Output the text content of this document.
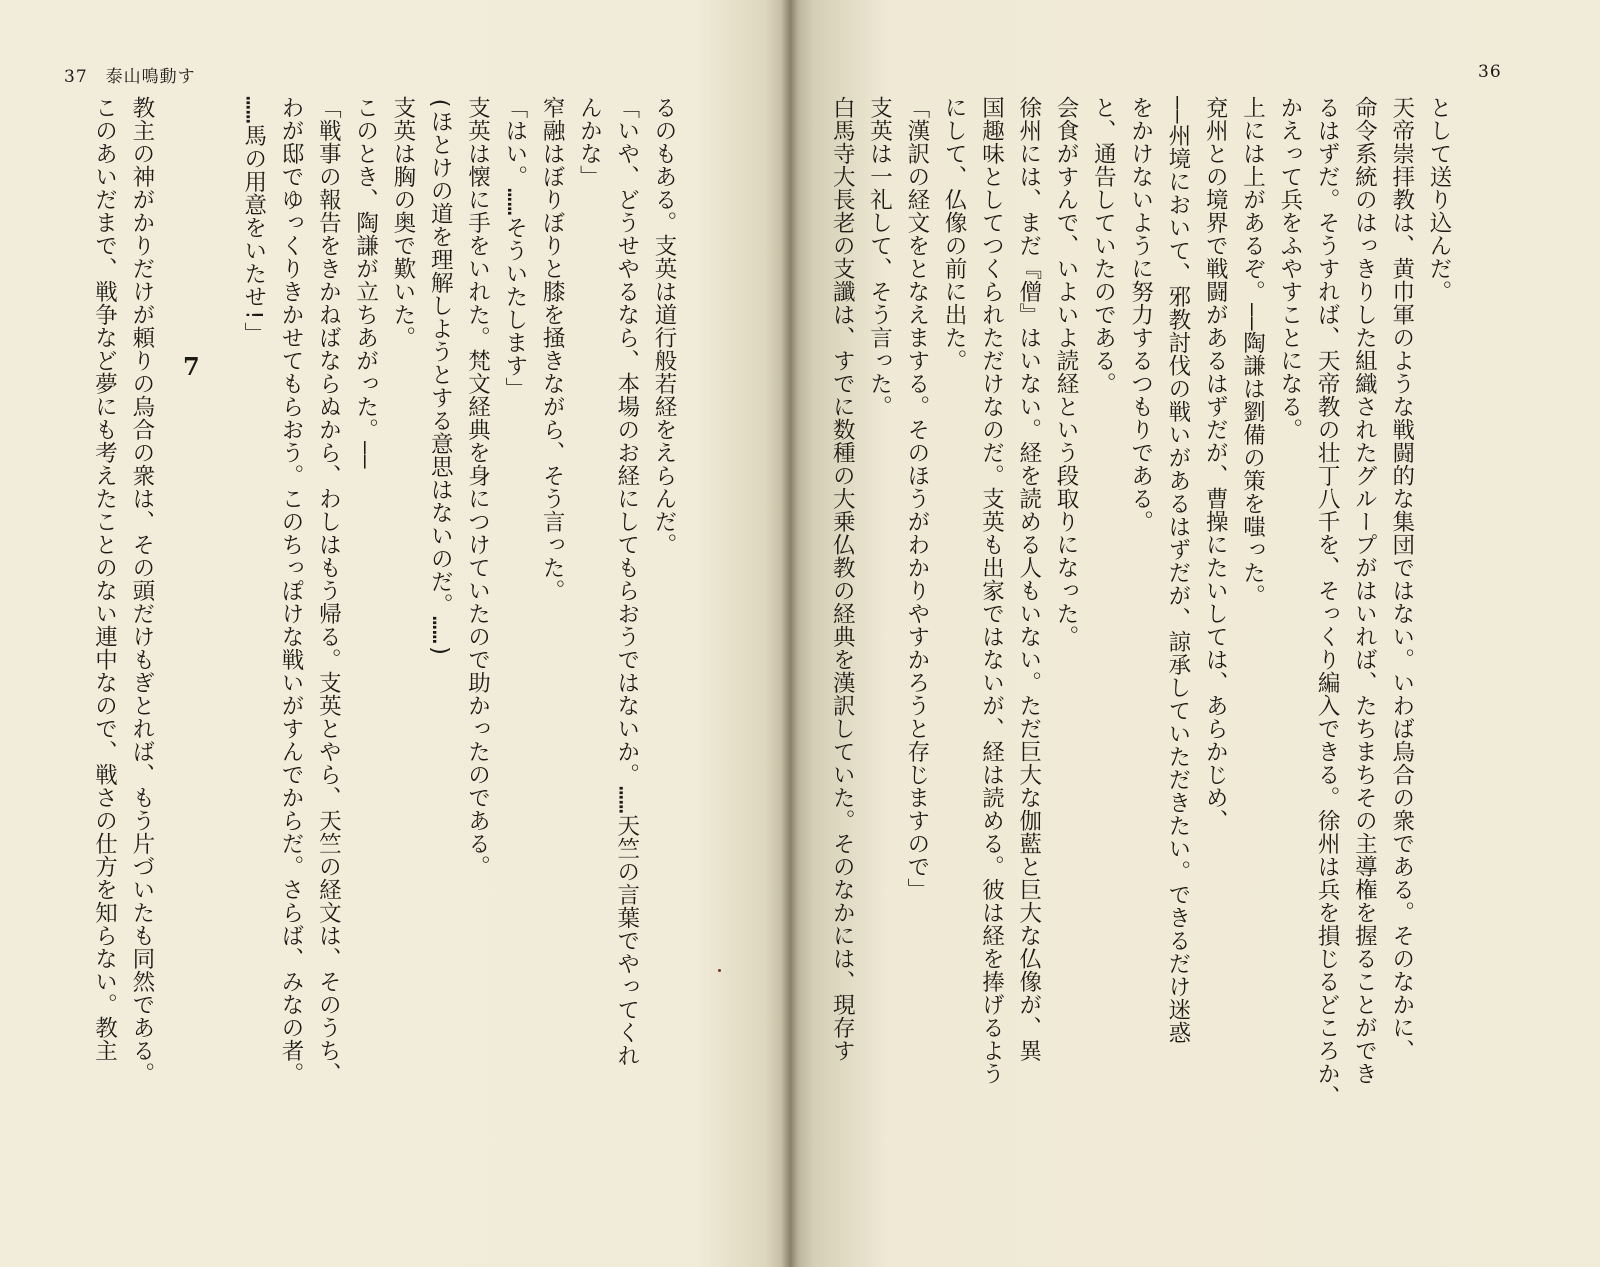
37 泰山鳴動す	36
として送り込んだ。
天帝崇拝教は、黄巾軍のような戦闘的な集団ではない。いわば烏合の衆である。そのなかに、
命令系統のはっきりした組織されたグループがはいれば、たちまちその主導権を握ることができ
るはずだ。そうすれば、天帝教の壮丁八千を、そっくり編入できる。徐州は兵を損じるどころか、
かえって兵をふやすことになる。
上には上があるぞ。——陶謙は劉備の策を嗤った。
兗州との境界で戦闘があるはずだが、曹操にたいしては、あらかじめ、
——州境において、邪教討伐の戦いがあるはずだが、諒承していただきたい。できるだけ迷惑
をかけないように努力するつもりである。
と、通告していたのである。
会食がすんで、いよいよ読経という段取りになった。
徐州には、まだ『僧』はいない。経を読める人もいない。ただ巨大な伽藍と巨大な仏像が、異
国趣味としてつくられただけなのだ。支英も出家ではないが、経は読める。彼は経を捧げるよう
にして、仏像の前に出た。
「漢訳の経文をとなえまする。そのほうがわかりやすかろうと存じますので」
支英は一礼して、そう言った。
白馬寺大長老の支讖は、すでに数種の大乗仏教の経典を漢訳していた。そのなかには、現存す
るのもある。支英は道行般若経をえらんだ。
「いや、どうせやるなら、本場のお経にしてもらおうではないか。……天竺の言葉でやってくれ
んかな」
窄融はぼりぼりと膝を掻きながら、そう言った。
「はい。……そういたします」
支英は懐に手をいれた。梵文経典を身につけていたので助かったのである。
(ほとけの道を理解しようとする意思はないのだ。……)
支英は胸の奥で歎いた。
このとき、陶謙が立ちあがった。——
「戦事の報告をきかねばならぬから、わしはもう帰る。支英とやら、天竺の経文は、そのうち、
わが邸でゆっくりきかせてもらおう。このちっぽけな戦いがすんでからだ。さらば、みなの者。
……馬の用意をいたせ!」

教主の神がかりだけが頼りの烏合の衆は、その頭だけもぎとれば、もう片づいたも同然である。
このあいだまで、戦争など夢にも考えたことのない連中なので、戦さの仕方を知らない。教主	7
